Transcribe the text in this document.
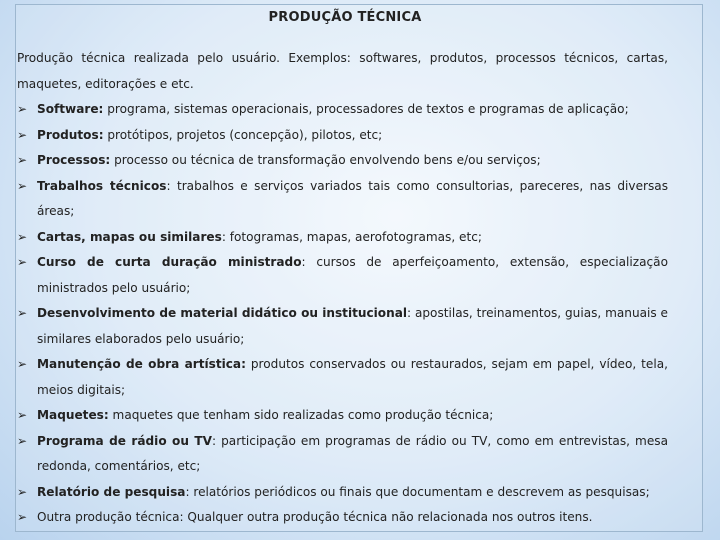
PRODUÇÃO TÉCNICA
Produção técnica realizada pelo usuário. Exemplos: softwares, produtos, processos técnicos, cartas, maquetes, editorações e etc.
➢ Software: programa, sistemas operacionais, processadores de textos e programas de aplicação;
➢ Produtos: protótipos, projetos (concepção), pilotos, etc;
➢ Processos: processo ou técnica de transformação envolvendo bens e/ou serviços;
➢ Trabalhos técnicos: trabalhos e serviços variados tais como consultorias, pareceres, nas diversas áreas;
➢ Cartas, mapas ou similares: fotogramas, mapas, aerofotogramas, etc;
➢ Curso de curta duração ministrado: cursos de aperfeiçoamento, extensão, especialização ministrados pelo usuário;
➢ Desenvolvimento de material didático ou institucional: apostilas, treinamentos, guias, manuais e similares elaborados pelo usuário;
➢ Manutenção de obra artística: produtos conservados ou restaurados, sejam em papel, vídeo, tela, meios digitais;
➢ Maquetes: maquetes que tenham sido realizadas como produção técnica;
➢ Programa de rádio ou TV: participação em programas de rádio ou TV, como em entrevistas, mesa redonda, comentários, etc;
➢ Relatório de pesquisa: relatórios periódicos ou finais que documentam e descrevem as pesquisas;
➢ Outra produção técnica: Qualquer outra produção técnica não relacionada nos outros itens.
